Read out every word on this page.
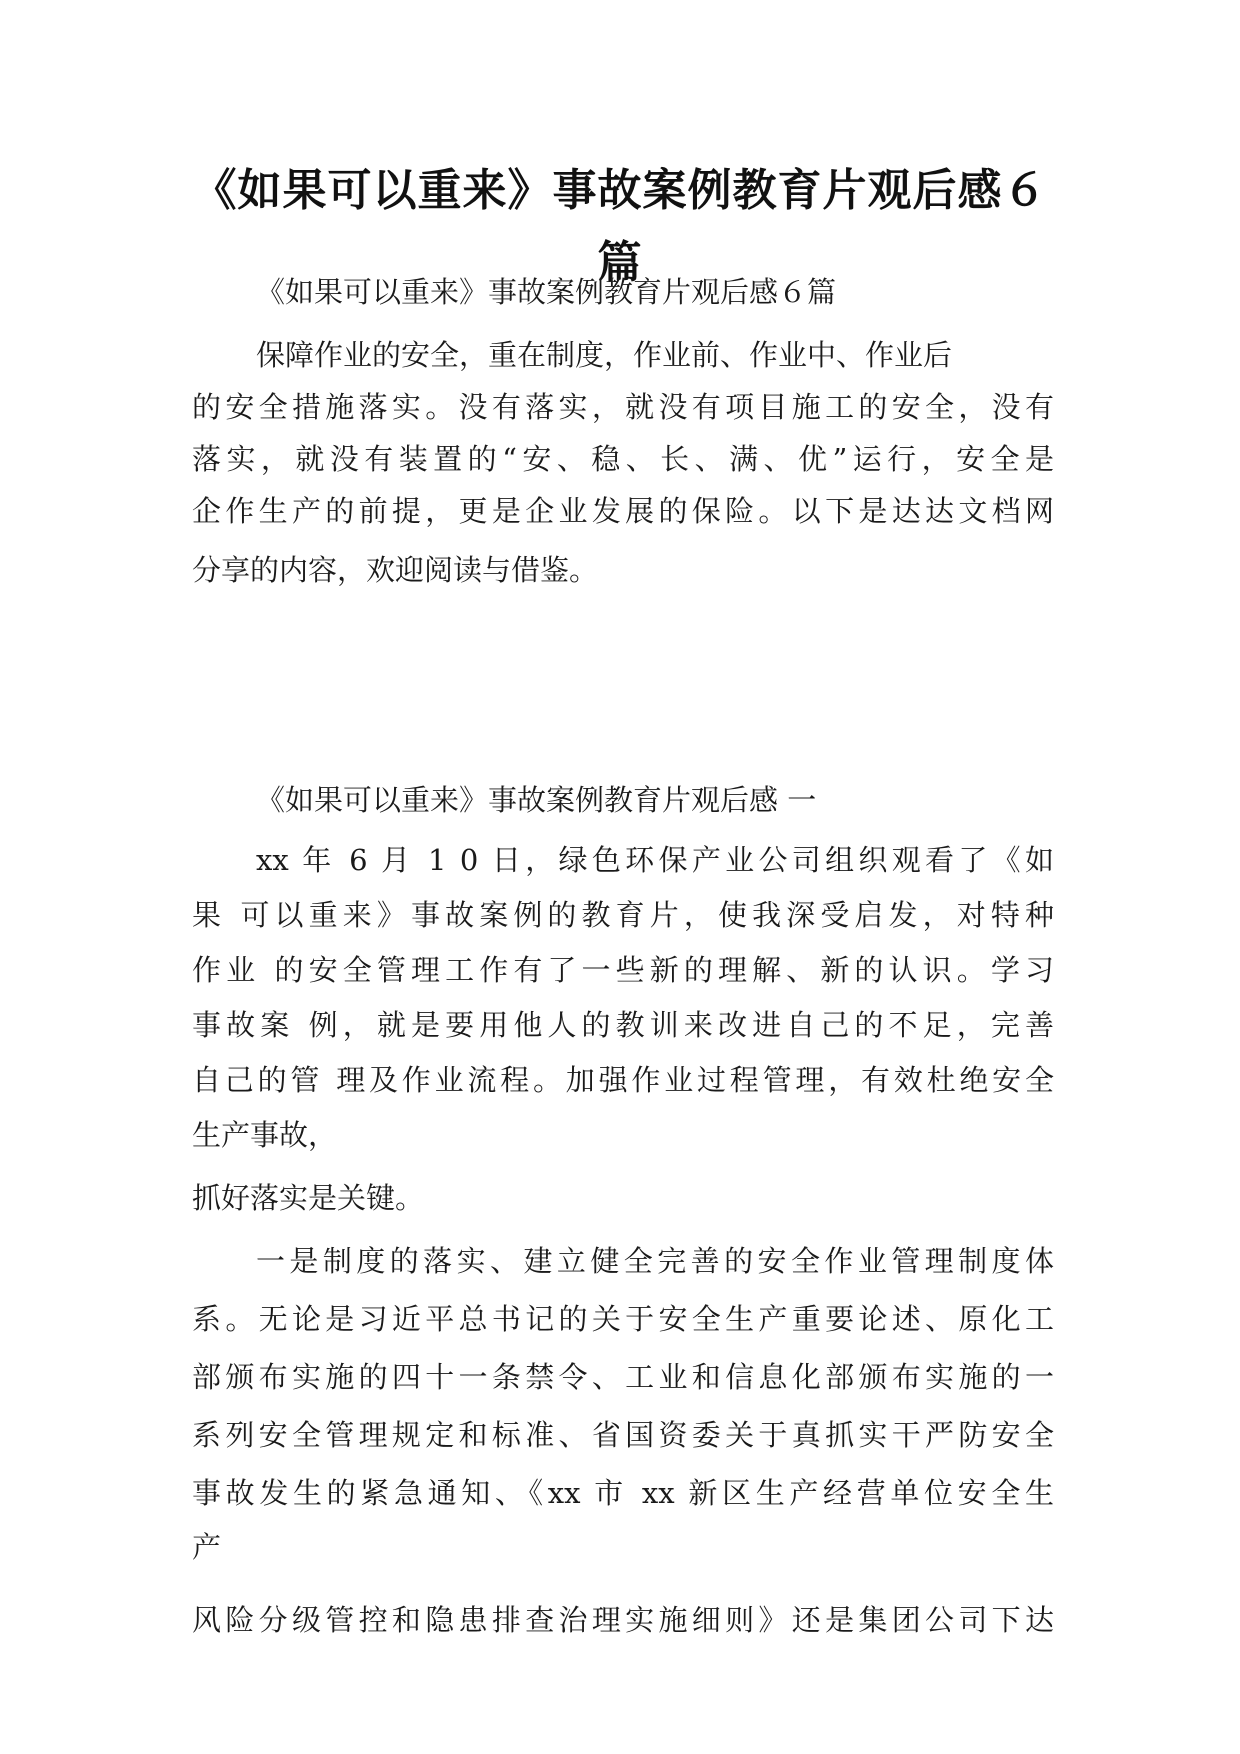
《如果可以重来》事故案例教育片观后感６
篇
《如果可以重来》事故案例教育片观后感６篇
保障作业的安全，重在制度，作业前、作业中、作业后
的安全措施落实。没有落实，就没有项目施工的安全，没有
落实，就没有装置的“安、稳、长、满、优”运行，安全是
企作生产的前提，更是企业发展的保险。以下是达达文档网
分享的内容，欢迎阅读与借鉴。
《如果可以重来》事故案例教育片观后感 一
xx 年 6 月 1 0 日，绿色环保产业公司组织观看了《如
果 可以重来》事故案例的教育片，使我深受启发，对特种
作业 的安全管理工作有了一些新的理解、新的认识。学习
事故案 例，就是要用他人的教训来改进自己的不足，完善
自己的管 理及作业流程。加强作业过程管理，有效杜绝安全
生产事故，
抓好落实是关键。
一是制度的落实、建立健全完善的安全作业管理制度体
系。无论是习近平总书记的关于安全生产重要论述、原化工
部颁布实施的四十一条禁令、工业和信息化部颁布实施的一
系列安全管理规定和标准、省国资委关于真抓实干严防安全
事故发生的紧急通知、《xx 市 xx 新区生产经营单位安全生
产
风险分级管控和隐患排查治理实施细则》还是集团公司下达
